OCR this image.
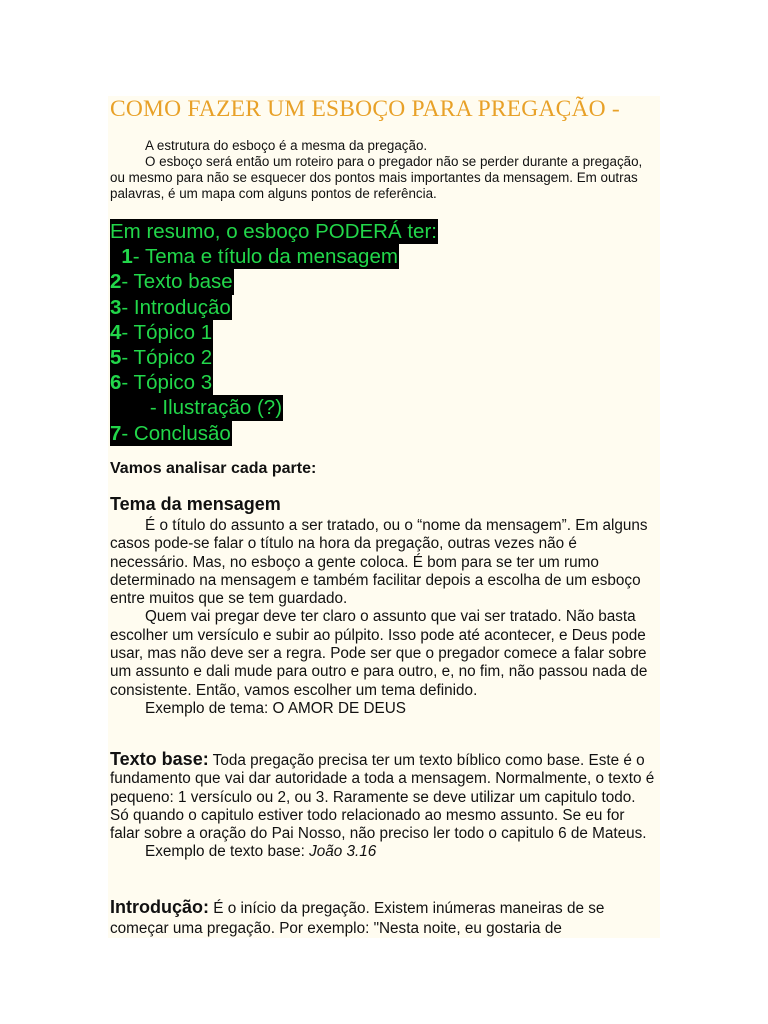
COMO FAZER UM ESBOÇO PARA PREGAÇÃO -

A estrutura do esboço é a mesma da pregação.

O esboço será então um roteiro para o pregador não se perder durante a pregação, ou mesmo para não se esquecer dos pontos mais importantes da mensagem. Em outras palavras, é um mapa com alguns pontos de referência.

Em resumo, o esboço PODERÁ ter:
1- Tema e título da mensagem
2- Texto base
3- Introdução
4- Tópico 1
5- Tópico 2
6- Tópico 3
- Ilustração (?)
7- Conclusão
Vamos analisar cada parte:
Tema da mensagem

É o título do assunto a ser tratado, ou o “nome da mensagem”. Em alguns casos pode-se falar o título na hora da pregação, outras vezes não é necessário. Mas, no esboço a gente coloca. É bom para se ter um rumo determinado na mensagem e também facilitar depois a escolha de um esboço entre muitos que se tem guardado.

Quem vai pregar deve ter claro o assunto que vai ser tratado. Não basta escolher um versículo e subir ao púlpito. Isso pode até acontecer, e Deus pode usar, mas não deve ser a regra. Pode ser que o pregador comece a falar sobre um assunto e dali mude para outro e para outro, e, no fim, não passou nada de consistente. Então, vamos escolher um tema definido.

Exemplo de tema: O AMOR DE DEUS

Texto base: Toda pregação precisa ter um texto bíblico como base. Este é o fundamento que vai dar autoridade a toda a mensagem. Normalmente, o texto é pequeno: 1 versículo ou 2, ou 3. Raramente se deve utilizar um capitulo todo. Só quando o capitulo estiver todo relacionado ao mesmo assunto. Se eu for falar sobre a oração do Pai Nosso, não preciso ler todo o capitulo 6 de Mateus.

Exemplo de texto base: João 3.16

Introdução: É o início da pregação. Existem inúmeras maneiras de se começar uma pregação. Por exemplo: "Nesta noite, eu gostaria de
